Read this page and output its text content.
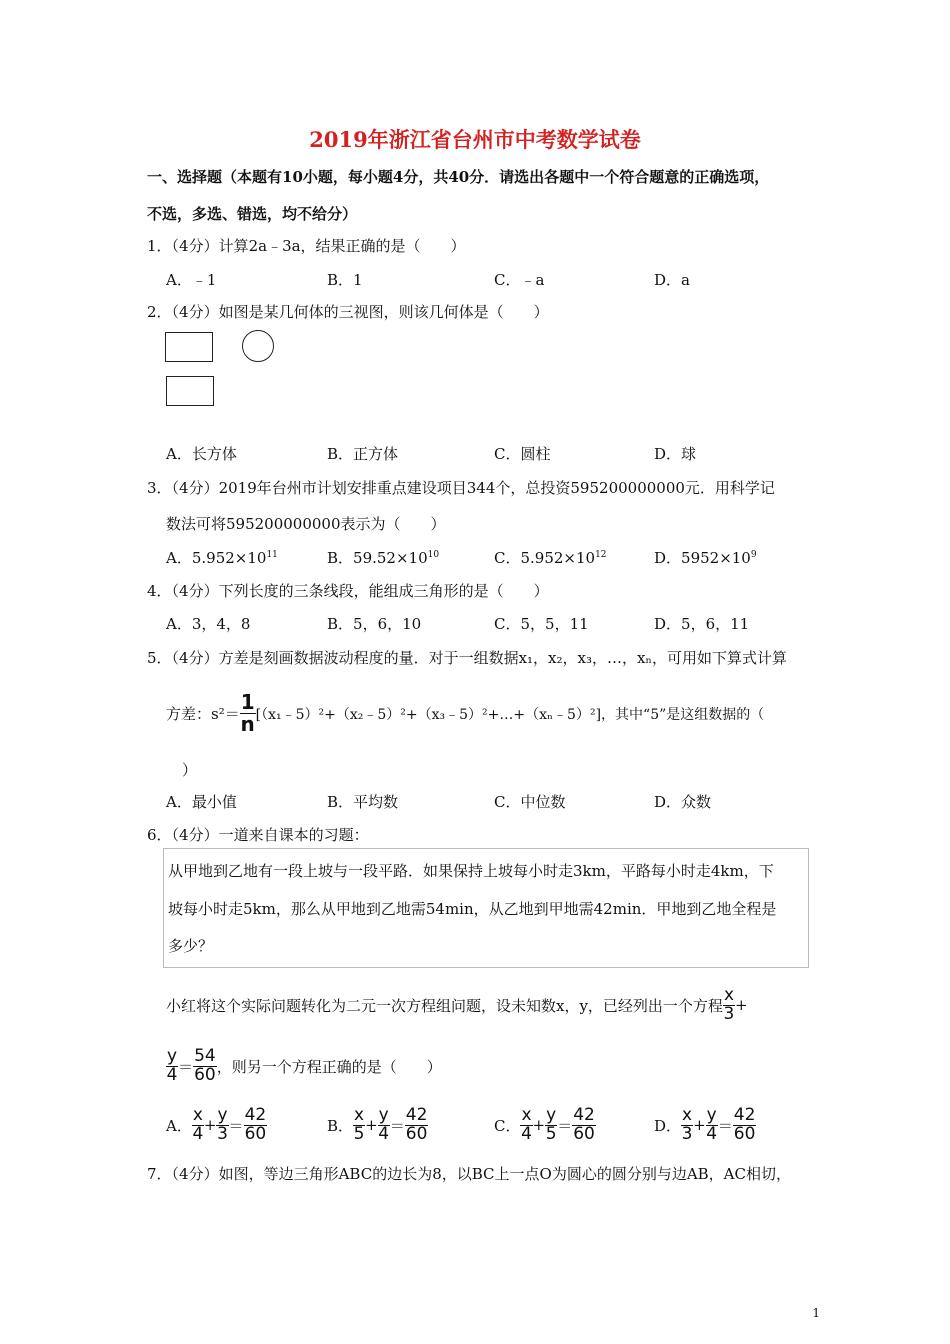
2019年浙江省台州市中考数学试卷
一、选择题（本题有10小题，每小题4分，共40分．请选出各题中一个符合题意的正确选项，
不选，多选、错选，均不给分）
1．（4分）计算2a﹣3a，结果正确的是（　　）
A．﹣1	B．1	C．﹣a	D．a
2．（4分）如图是某几何体的三视图，则该几何体是（　　）
A．长方体	B．正方体	C．圆柱	D．球
3．（4分）2019年台州市计划安排重点建设项目344个，总投资595200000000元．用科学记
数法可将595200000000表示为（　　）
A．$5.952\times 10^{11}$	B．$59.52\times 10^{10}$	C．$5.952\times 10^{12}$	D．$5952\times 10^9$
4．（4分）下列长度的三条线段，能组成三角形的是（　　）
A．3，4，8	B．5，6，10	C．5，5，11	D．5，6，11
5．（4分）方差是刻画数据波动程度的量．对于一组数据x₁，x₂，x₃，…，xₙ，可用如下算式计算
方差：$s^2= \frac{1}{n}$ [（x₁﹣5）²+（x₂﹣5）²+（x₃﹣5）²+…+（xₙ﹣5）²]，其中“5”是这组数据的（
）
A．最小值	B．平均数	C．中位数	D．众数
6．（4分）一道来自课本的习题：
从甲地到乙地有一段上坡与一段平路．如果保持上坡每小时走3km，平路每小时走4km，下
坡每小时走5km，那么从甲地到乙地需54min，从乙地到甲地需42min．甲地到乙地全程是
多少？
小红将这个实际问题转化为二元一次方程组问题，设未知数x，y，已经列出一个方程 $\frac{x}{3}$ +
$\frac{y}{4} = \frac{54}{60}$ ，则另一个方程正确的是（　　）
A． $\frac{x}{4} + \frac{y}{3} = \frac{42}{60}$	B． $\frac{x}{5} + \frac{y}{4} = \frac{42}{60}$	C． $\frac{x}{4} + \frac{y}{5} = \frac{42}{60}$	D． $\frac{x}{3} + \frac{y}{4} = \frac{42}{60}$
7．（4分）如图，等边三角形ABC的边长为8，以BC上一点O为圆心的圆分别与边AB，AC相切，
1
